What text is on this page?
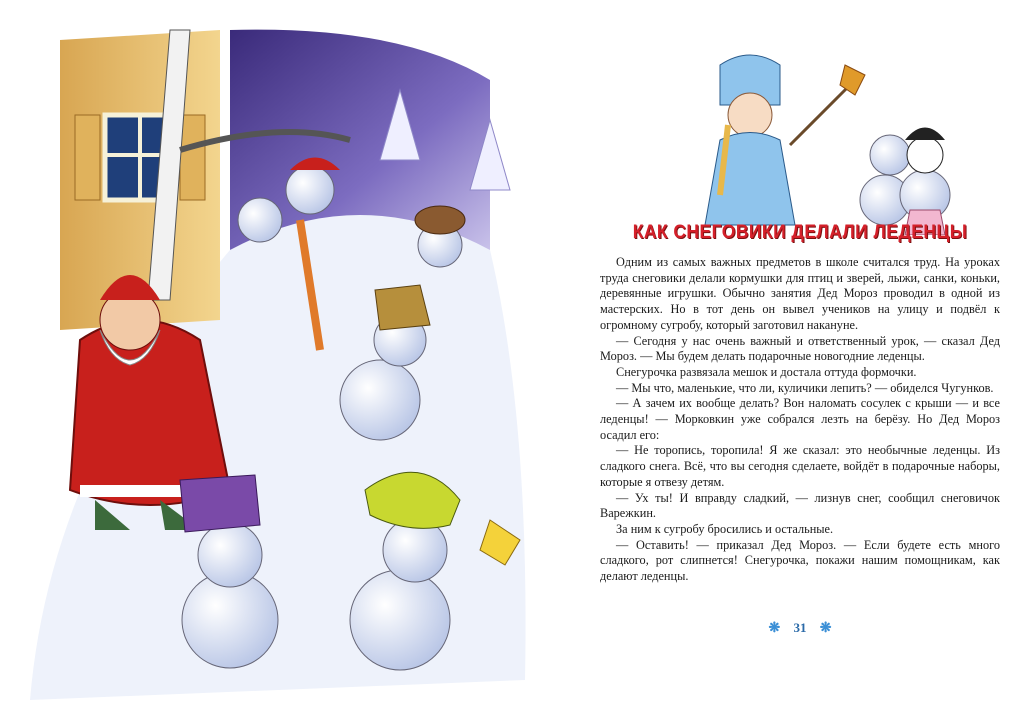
КАК СНЕГОВИКИ ДЕЛАЛИ ЛЕДЕНЦЫ

Одним из самых важных предметов в школе считался труд. На уроках труда снеговики делали кормушки для птиц и зверей, лыжи, санки, коньки, деревянные игрушки. Обычно занятия Дед Мороз проводил в одной из мастерских. Но в тот день он вывел учеников на улицу и подвёл к огромному сугробу, который заготовил накануне.

— Сегодня у нас очень важный и ответственный урок, — сказал Дед Мороз. — Мы будем делать подарочные новогодние леденцы.

Снегурочка развязала мешок и достала оттуда формочки.

— Мы что, маленькие, что ли, куличики лепить? — обиделся Чугунков.

— А зачем их вообще делать? Вон наломать сосулек с крыши — и все леденцы! — Морковкин уже собрался лезть на берёзу. Но Дед Мороз осадил его:

— Не торопись, торопила! Я же сказал: это необычные леденцы. Из сладкого снега. Всё, что вы сегодня сделаете, войдёт в подарочные наборы, которые я отвезу детям.

— Ух ты! И вправду сладкий, — лизнув снег, сообщил снеговичок Варежкин.

За ним к сугробу бросились и остальные.

— Оставить! — приказал Дед Мороз. — Если будете есть много сладкого, рот слипнется! Снегурочка, покажи нашим помощникам, как делают леденцы.

❋ 31 ❋
